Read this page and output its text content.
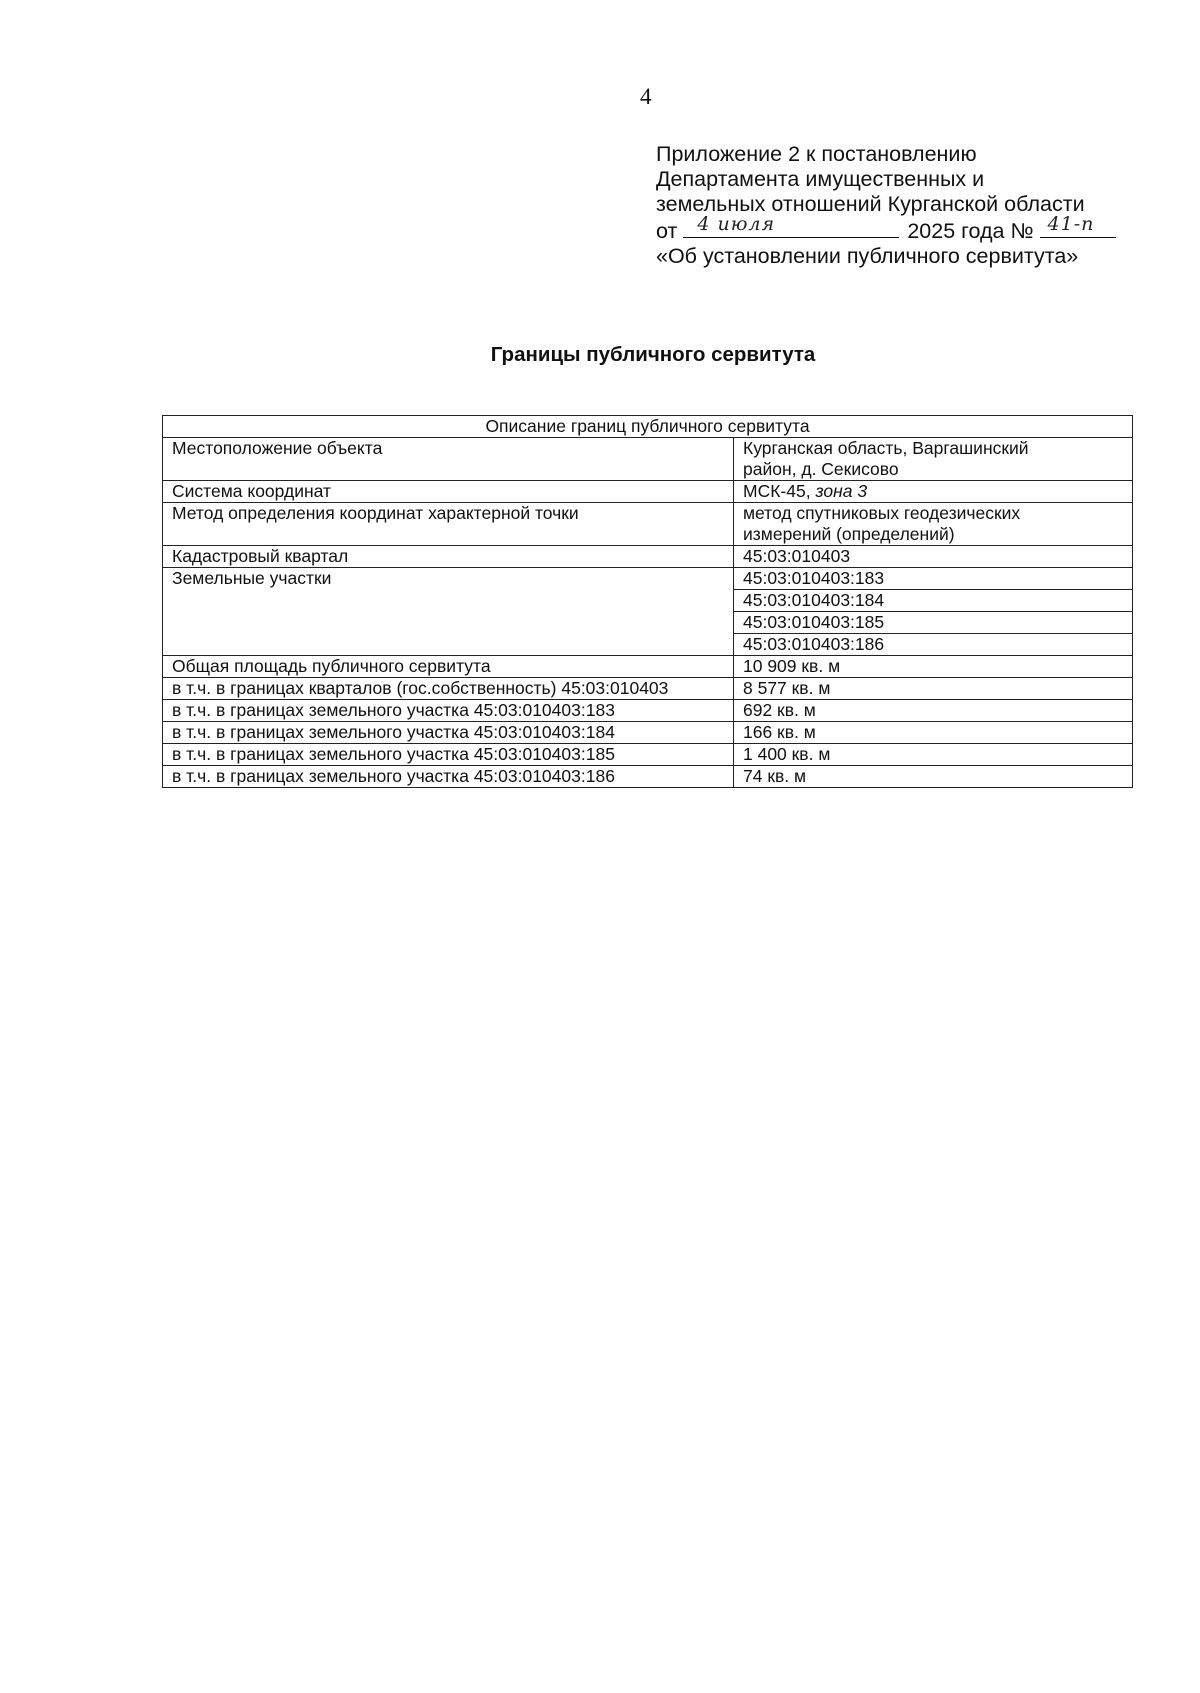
4
Приложение 2 к постановлению
Департамента имущественных и
земельных отношений Курганской области
от 4 июля	2025 года № 41-п
«Об установлении публичного сервитута»
Границы публичного сервитута
Описание границ публичного сервитута	
Местоположение объекта	Курганская область, Варгашинский
район, д. Секисово
Система координат	МСК-45, зона 3
Метод определения координат характерной точки	метод спутниковых геодезических
измерений (определений)
Кадастровый квартал	45:03:010403
Земельные участки	45:03:010403:183
	45:03:010403:184
	45:03:010403:185
	45:03:010403:186
Общая площадь публичного сервитута	10 909 кв. м
в т.ч. в границах кварталов (гос.собственность) 45:03:010403	8 577 кв. м
в т.ч. в границах земельного участка 45:03:010403:183	692 кв. м
в т.ч. в границах земельного участка 45:03:010403:184	166 кв. м
в т.ч. в границах земельного участка 45:03:010403:185	1 400 кв. м
в т.ч. в границах земельного участка 45:03:010403:186	74 кв. м
